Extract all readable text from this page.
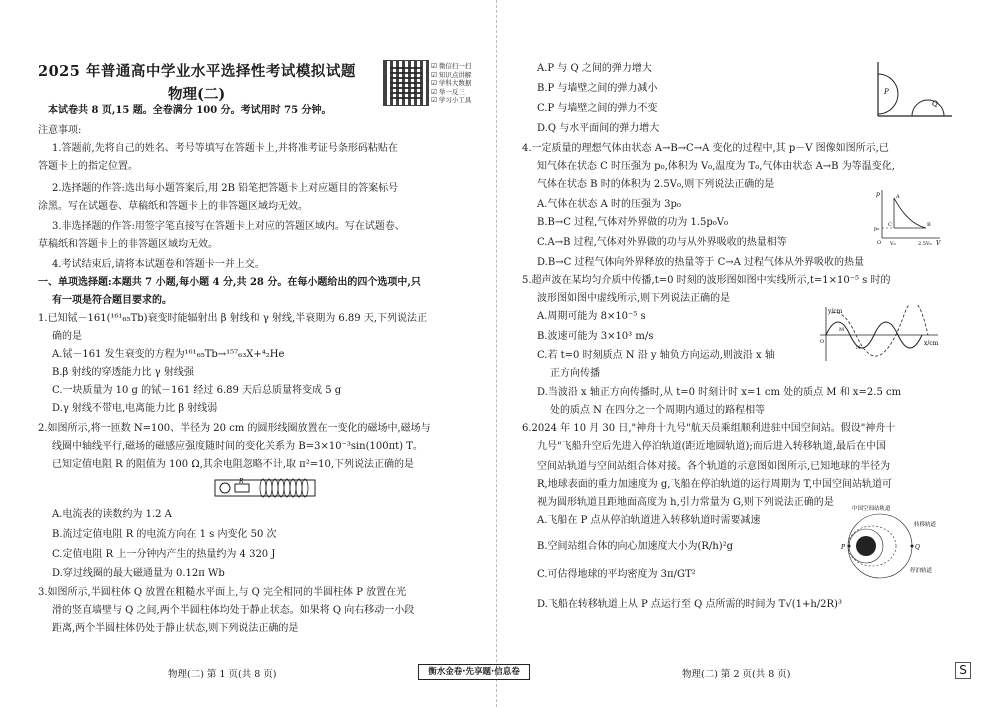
2025 年普通高中学业水平选择性考试模拟试题
物理(二)
☑ 微信扫一扫
☑ 知识点讲解
☑ 学科大数据
☑ 举一反三
☑ 学习小工具
本试卷共 8 页,15 题。全卷满分 100 分。考试用时 75 分钟。
注意事项:
1.答题前,先将自己的姓名、考号等填写在答题卡上,并将准考证号条形码粘贴在
答题卡上的指定位置。
2.选择题的作答:选出每小题答案后,用 2B 铅笔把答题卡上对应题目的答案标号
涂黑。写在试题卷、草稿纸和答题卡上的非答题区域均无效。
3.非选择题的作答:用签字笔直接写在答题卡上对应的答题区域内。写在试题卷、
草稿纸和答题卡上的非答题区域均无效。
4.考试结束后,请将本试题卷和答题卡一并上交。
一、单项选择题:本题共 7 小题,每小题 4 分,共 28 分。在每小题给出的四个选项中,只
有一项是符合题目要求的。
1.已知铽－161(¹⁶¹₆₅Tb)衰变时能辐射出 β 射线和 γ 射线,半衰期为 6.89 天,下列说法正
确的是
A.铽－161 发生衰变的方程为¹⁶¹₆₅Tb→¹⁵⁷₆₃X+⁴₂He
B.β 射线的穿透能力比 γ 射线强
C.一块质量为 10 g 的铽－161 经过 6.89 天后总质量将变成 5 g
D.γ 射线不带电,电离能力比 β 射线弱
2.如图所示,将一匝数 N=100、半径为 20 cm 的圆形线圈放置在一变化的磁场中,磁场与
线圈中轴线平行,磁场的磁感应强度随时间的变化关系为 B=3×10⁻³sin(100πt) T。
已知定值电阻 R 的阻值为 100 Ω,其余电阻忽略不计,取 π²=10,下列说法正确的是
R
A.电流表的读数约为 1.2 A
B.流过定值电阻 R 的电流方向在 1 s 内变化 50 次
C.定值电阻 R 上一分钟内产生的热量约为 4 320 J
D.穿过线圈的最大磁通量为 0.12π Wb
3.如图所示,半圆柱体 Q 放置在粗糙水平面上,与 Q 完全相同的半圆柱体 P 放置在光
滑的竖直墙壁与 Q 之间,两个半圆柱体均处于静止状态。如果将 Q 向右移动一小段
距离,两个半圆柱体仍处于静止状态,则下列说法正确的是
物理(二) 第 1 页(共 8 页)	衡水金卷·先享题·信息卷
A.P 与 Q 之间的弹力增大
B.P 与墙壁之间的弹力减小
C.P 与墙壁之间的弹力不变
D.Q 与水平面间的弹力增大
P
Q
4.一定质量的理想气体由状态 A→B→C→A 变化的过程中,其 p－V 图像如图所示,已
知气体在状态 C 时压强为 p₀,体积为 V₀,温度为 T₀,气体由状态 A→B 为等温变化,
气体在状态 B 时的体积为 2.5V₀,则下列说法正确的是
A.气体在状态 A 时的压强为 3p₀
B.B→C 过程,气体对外界做的功为 1.5p₀V₀
C.A→B 过程,气体对外界做的功与从外界吸收的热量相等
D.B→C 过程气体向外界释放的热量等于 C→A 过程气体从外界吸收的热量
p
V
p₀
V₀	2.5V₀
A
B
C
O
5.超声波在某均匀介质中传播,t=0 时刻的波形图如图中实线所示,t=1×10⁻⁵ s 时的
波形图如图中虚线所示,则下列说法正确的是
A.周期可能为 8×10⁻⁵ s
B.波速可能为 3×10³ m/s
C.若 t=0 时刻质点 N 沿 y 轴负方向运动,则波沿 x 轴
正方向传播
D.当波沿 x 轴正方向传播时,从 t=0 时刻计时 x=1 cm 处的质点 M 和 x=2.5 cm
处的质点 N 在四分之一个周期内通过的路程相等
y/cm
x/cm
M
N
O
6.2024 年 10 月 30 日,"神舟十九号"航天员乘组顺利进驻中国空间站。假设"神舟十
九号"飞船升空后先进入停泊轨道(距近地圆轨道);而后进入转移轨道,最后在中国
空间站轨道与空间站组合体对接。各个轨道的示意图如图所示,已知地球的半径为
R,地球表面的重力加速度为 g,飞船在停泊轨道的运行周期为 T,中国空间站轨道可
视为圆形轨道且距地面高度为 h,引力常量为 G,则下列说法正确的是
A.飞船在 P 点从停泊轨道进入转移轨道时需要减速
B.空间站组合体的向心加速度大小为(R/h)²g
C.可估得地球的平均密度为 3π/GT²
D.飞船在转移轨道上从 P 点运行至 Q 点所需的时间为 T√(1+h/2R)³
P	Q
中国空间站轨道
转移轨道
停泊轨道
物理(二) 第 2 页(共 8 页)	S
